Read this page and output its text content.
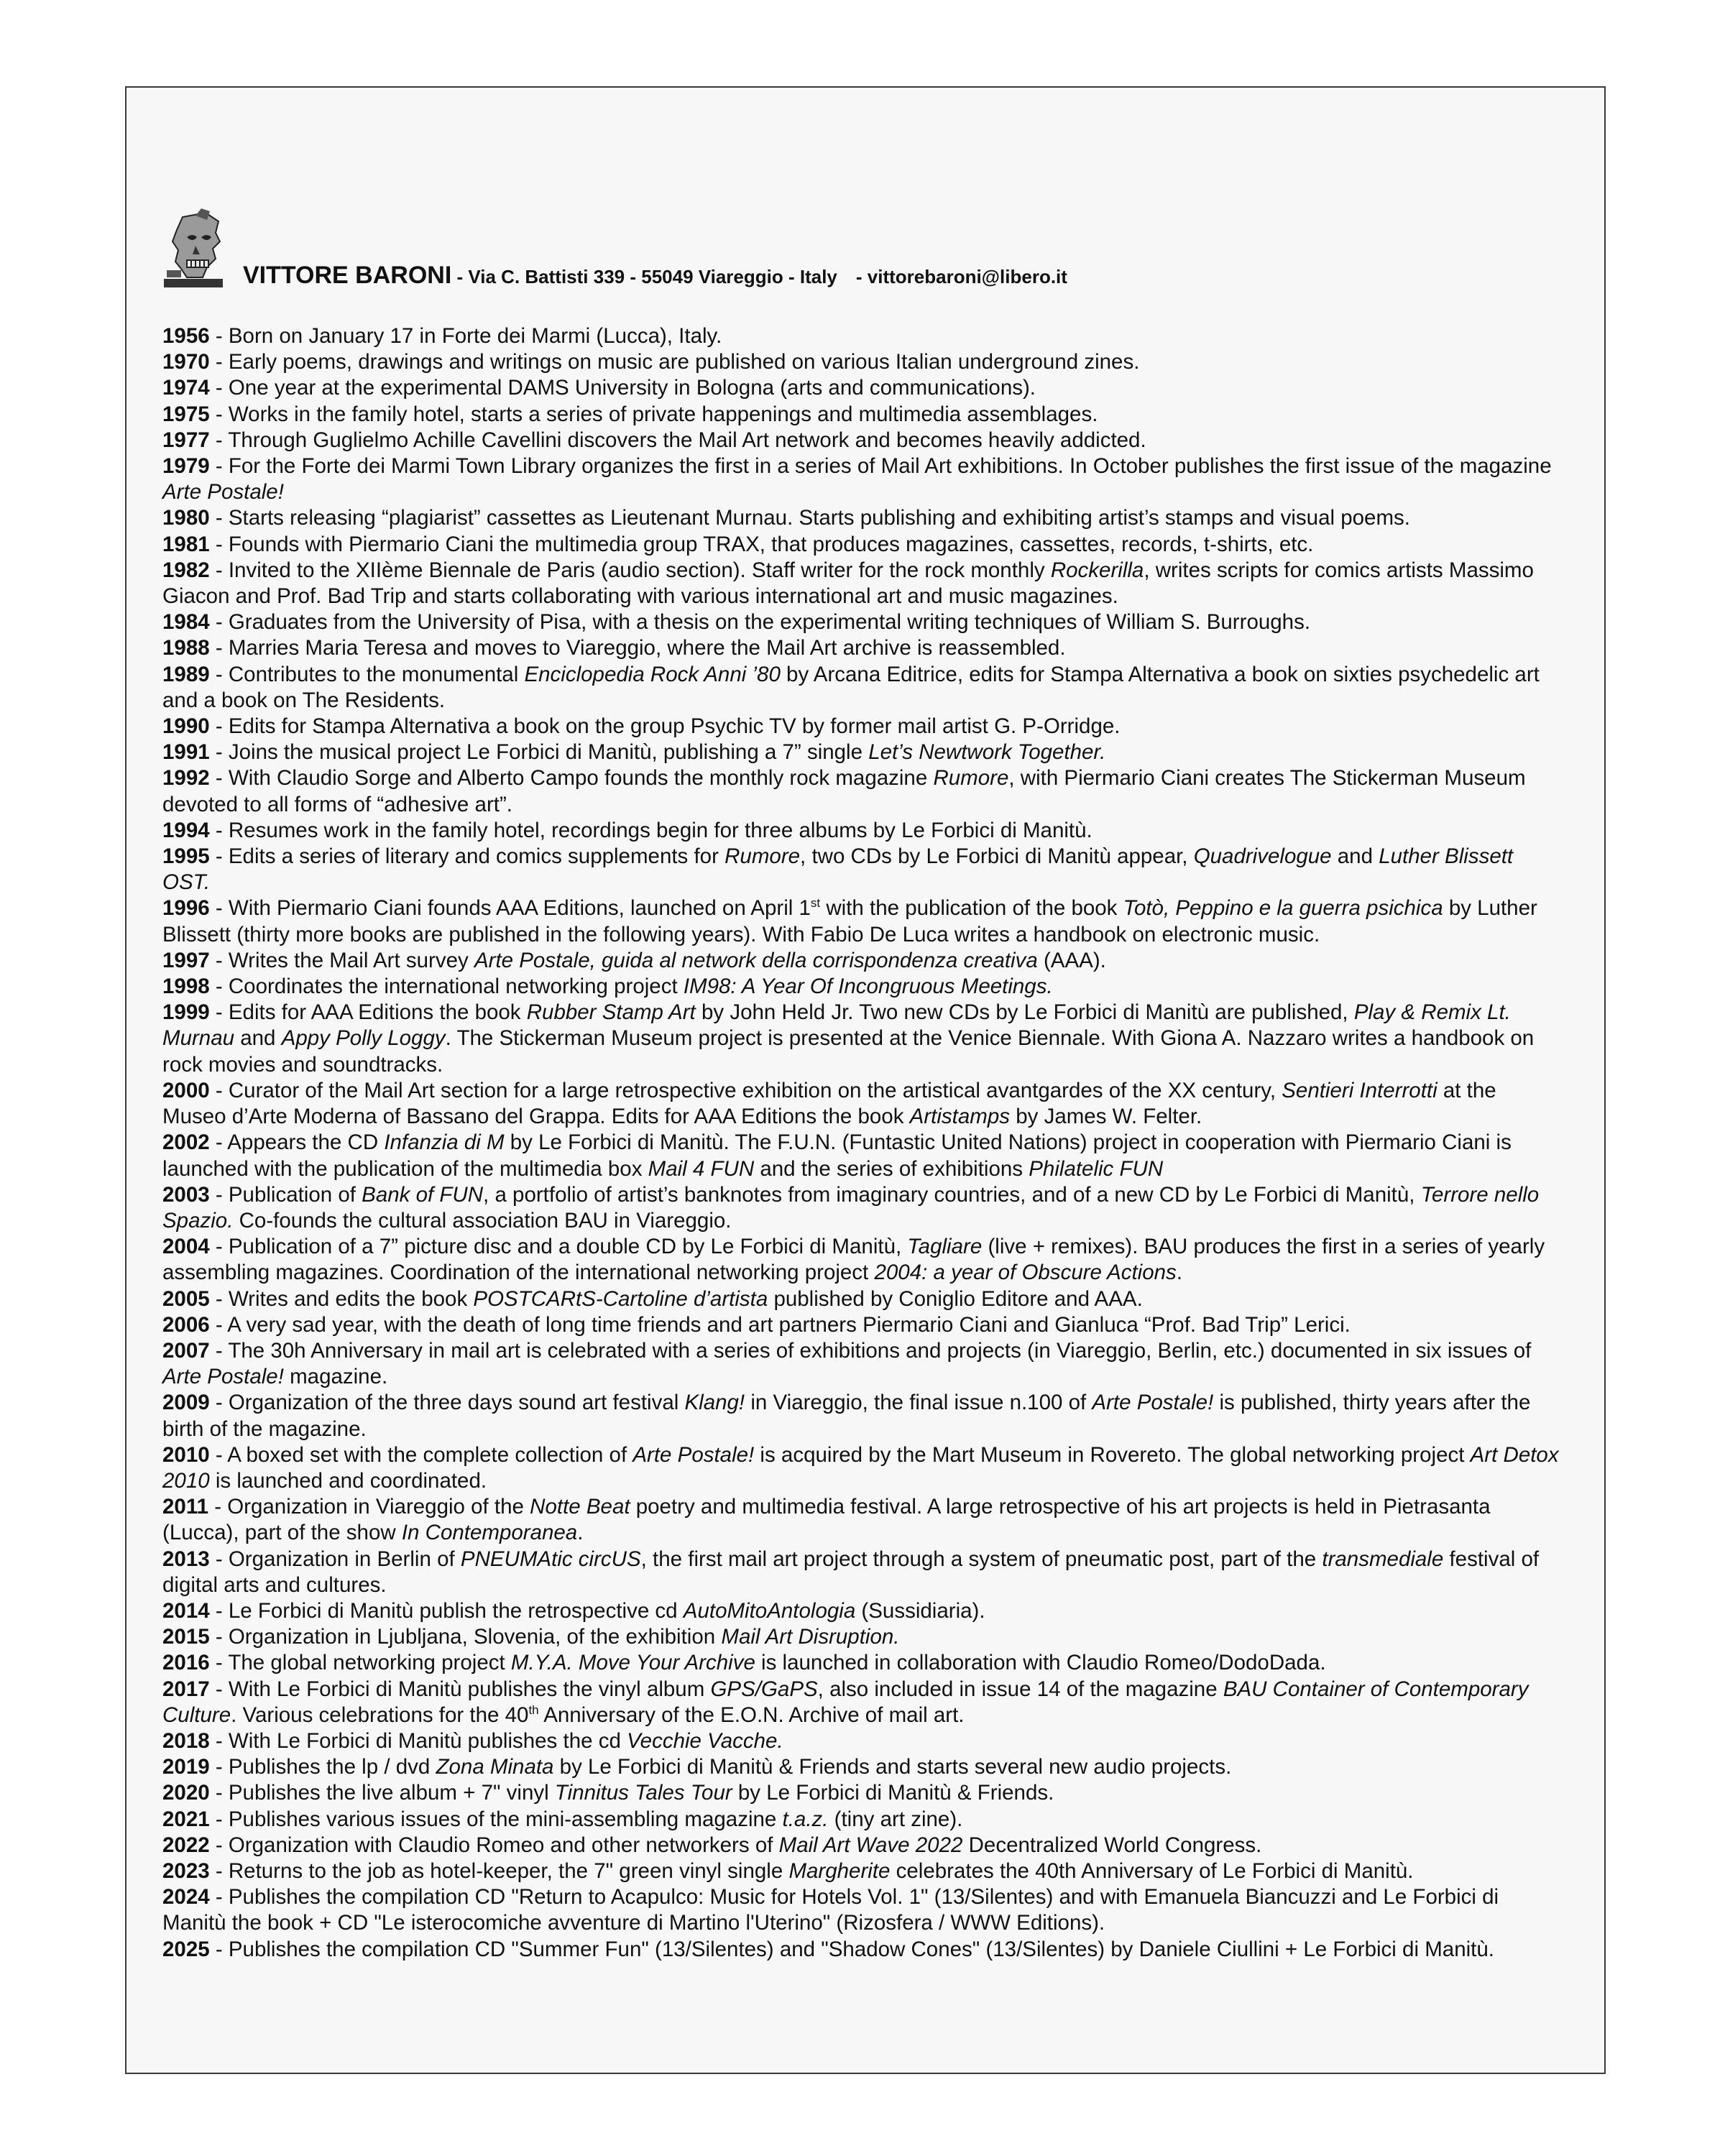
VITTORE BARONI - Via C. Battisti 339 - 55049 Viareggio - Italy - vittorebaroni@libero.it

1956 - Born on January 17 in Forte dei Marmi (Lucca), Italy.

1970 - Early poems, drawings and writings on music are published on various Italian underground zines.

1974 - One year at the experimental DAMS University in Bologna (arts and communications).

1975 - Works in the family hotel, starts a series of private happenings and multimedia assemblages.

1977 - Through Guglielmo Achille Cavellini discovers the Mail Art network and becomes heavily addicted.

1979 - For the Forte dei Marmi Town Library organizes the first in a series of Mail Art exhibitions. In October publishes the first issue of the magazine Arte Postale!

1980 - Starts releasing “plagiarist” cassettes as Lieutenant Murnau. Starts publishing and exhibiting artist’s stamps and visual poems.

1981 - Founds with Piermario Ciani the multimedia group TRAX, that produces magazines, cassettes, records, t-shirts, etc.

1982 - Invited to the XIIème Biennale de Paris (audio section). Staff writer for the rock monthly Rockerilla, writes scripts for comics artists Massimo Giacon and Prof. Bad Trip and starts collaborating with various international art and music magazines.

1984 - Graduates from the University of Pisa, with a thesis on the experimental writing techniques of William S. Burroughs.

1988 - Marries Maria Teresa and moves to Viareggio, where the Mail Art archive is reassembled.

1989 - Contributes to the monumental Enciclopedia Rock Anni ’80 by Arcana Editrice, edits for Stampa Alternativa a book on sixties psychedelic art and a book on The Residents.

1990 - Edits for Stampa Alternativa a book on the group Psychic TV by former mail artist G. P-Orridge.

1991 - Joins the musical project Le Forbici di Manitù, publishing a 7” single Let’s Newtwork Together.

1992 - With Claudio Sorge and Alberto Campo founds the monthly rock magazine Rumore, with Piermario Ciani creates The Stickerman Museum devoted to all forms of “adhesive art”.

1994 - Resumes work in the family hotel, recordings begin for three albums by Le Forbici di Manitù.

1995 - Edits a series of literary and comics supplements for Rumore, two CDs by Le Forbici di Manitù appear, Quadrivelogue and Luther Blissett OST.

1996 - With Piermario Ciani founds AAA Editions, launched on April 1st with the publication of the book Totò, Peppino e la guerra psichica by Luther Blissett (thirty more books are published in the following years). With Fabio De Luca writes a handbook on electronic music.

1997 - Writes the Mail Art survey Arte Postale, guida al network della corrispondenza creativa (AAA).

1998 - Coordinates the international networking project IM98: A Year Of Incongruous Meetings.

1999 - Edits for AAA Editions the book Rubber Stamp Art by John Held Jr. Two new CDs by Le Forbici di Manitù are published, Play & Remix Lt. Murnau and Appy Polly Loggy. The Stickerman Museum project is presented at the Venice Biennale. With Giona A. Nazzaro writes a handbook on rock movies and soundtracks.

2000 - Curator of the Mail Art section for a large retrospective exhibition on the artistical avantgardes of the XX century, Sentieri Interrotti at the Museo d’Arte Moderna of Bassano del Grappa. Edits for AAA Editions the book Artistamps by James W. Felter.

2002 - Appears the CD Infanzia di M by Le Forbici di Manitù. The F.U.N. (Funtastic United Nations) project in cooperation with Piermario Ciani is launched with the publication of the multimedia box Mail 4 FUN and the series of exhibitions Philatelic FUN

2003 - Publication of Bank of FUN, a portfolio of artist’s banknotes from imaginary countries, and of a new CD by Le Forbici di Manitù, Terrore nello Spazio. Co-founds the cultural association BAU in Viareggio.

2004 - Publication of a 7” picture disc and a double CD by Le Forbici di Manitù, Tagliare (live + remixes). BAU produces the first in a series of yearly assembling magazines. Coordination of the international networking project 2004: a year of Obscure Actions.

2005 - Writes and edits the book POSTCARtS-Cartoline d’artista published by Coniglio Editore and AAA.

2006 - A very sad year, with the death of long time friends and art partners Piermario Ciani and Gianluca “Prof. Bad Trip” Lerici.

2007 - The 30h Anniversary in mail art is celebrated with a series of exhibitions and projects (in Viareggio, Berlin, etc.) documented in six issues of Arte Postale! magazine.

2009 - Organization of the three days sound art festival Klang! in Viareggio, the final issue n.100 of Arte Postale! is published, thirty years after the birth of the magazine.

2010 - A boxed set with the complete collection of Arte Postale! is acquired by the Mart Museum in Rovereto. The global networking project Art Detox 2010 is launched and coordinated.

2011 - Organization in Viareggio of the Notte Beat poetry and multimedia festival. A large retrospective of his art projects is held in Pietrasanta (Lucca), part of the show In Contemporanea.

2013 - Organization in Berlin of PNEUMAtic circUS, the first mail art project through a system of pneumatic post, part of the transmediale festival of digital arts and cultures.

2014 - Le Forbici di Manitù publish the retrospective cd AutoMitoAntologia (Sussidiaria).

2015 - Organization in Ljubljana, Slovenia, of the exhibition Mail Art Disruption.

2016 - The global networking project M.Y.A. Move Your Archive is launched in collaboration with Claudio Romeo/DodoDada.

2017 - With Le Forbici di Manitù publishes the vinyl album GPS/GaPS, also included in issue 14 of the magazine BAU Container of Contemporary Culture. Various celebrations for the 40th Anniversary of the E.O.N. Archive of mail art.

2018 - With Le Forbici di Manitù publishes the cd Vecchie Vacche.

2019 - Publishes the lp / dvd Zona Minata by Le Forbici di Manitù & Friends and starts several new audio projects.

2020 - Publishes the live album + 7" vinyl Tinnitus Tales Tour by Le Forbici di Manitù & Friends.

2021 - Publishes various issues of the mini-assembling magazine t.a.z. (tiny art zine).

2022 - Organization with Claudio Romeo and other networkers of Mail Art Wave 2022 Decentralized World Congress.

2023 - Returns to the job as hotel-keeper, the 7" green vinyl single Margherite celebrates the 40th Anniversary of Le Forbici di Manitù.

2024 - Publishes the compilation CD "Return to Acapulco: Music for Hotels Vol. 1" (13/Silentes) and with Emanuela Biancuzzi and Le Forbici di Manitù the book + CD "Le isterocomiche avventure di Martino l'Uterino" (Rizosfera / WWW Editions).

2025 - Publishes the compilation CD "Summer Fun" (13/Silentes) and "Shadow Cones" (13/Silentes) by Daniele Ciullini + Le Forbici di Manitù.
